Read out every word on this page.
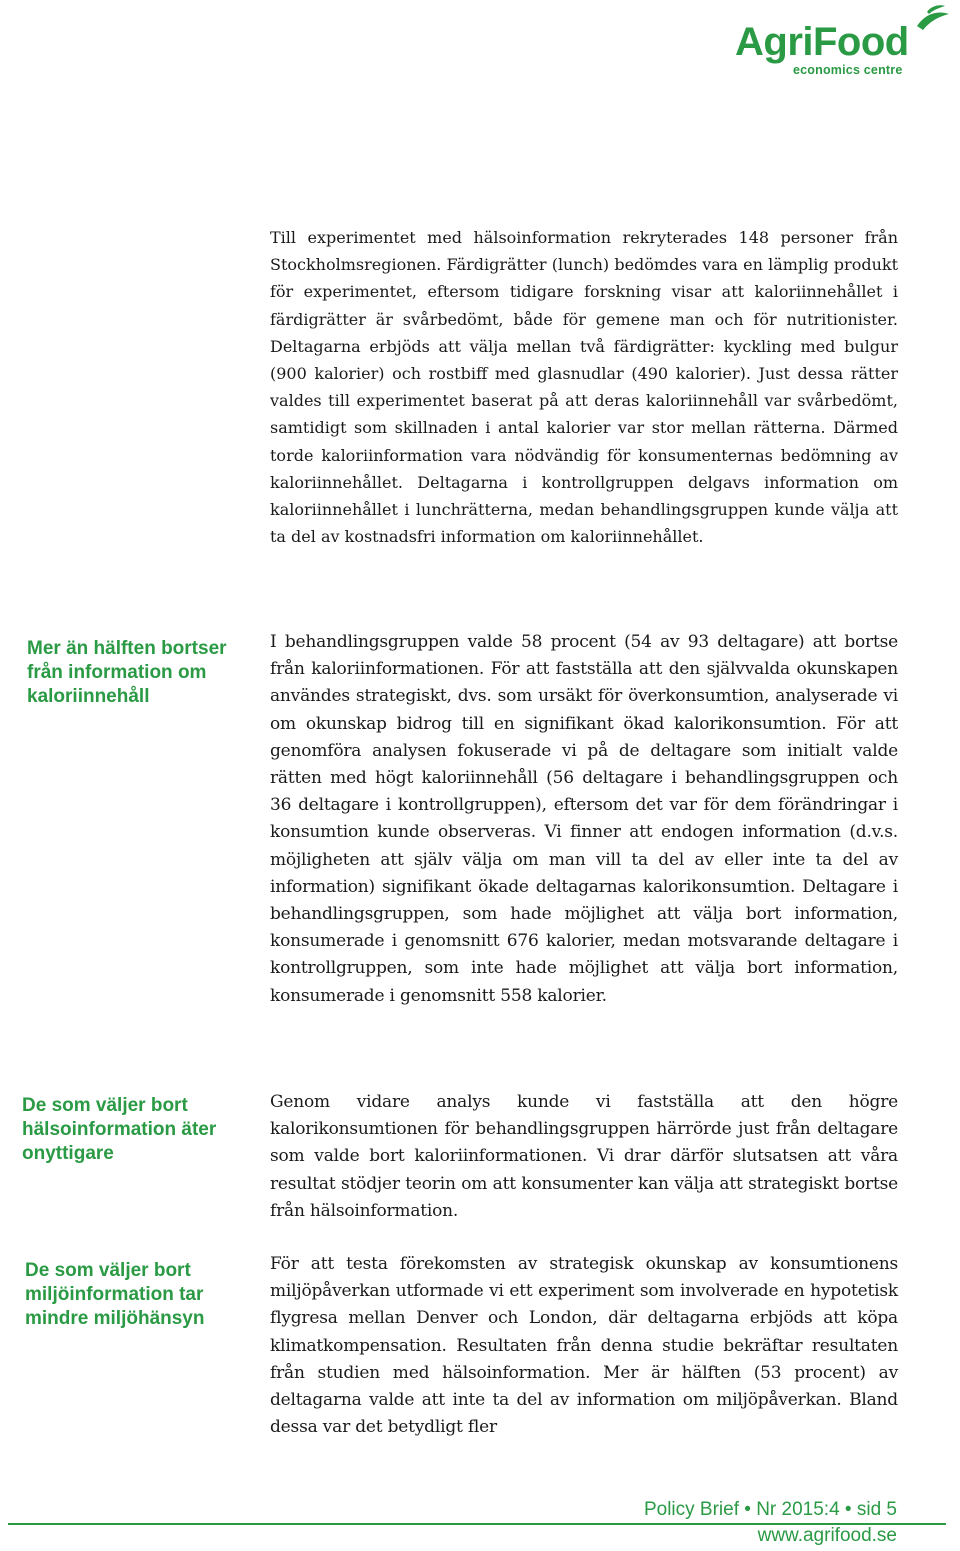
AgriFood
economics centre

Till experimentet med hälsoinformation rekryterades 148 personer från Stockholmsregionen. Färdigrätter (lunch) bedömdes vara en lämplig produkt för experimentet, eftersom tidigare forskning visar att kaloriinnehållet i färdigrätter är svårbedömt, både för gemene man och för nutritionister. Deltagarna erbjöds att välja mellan två färdigrätter: kyckling med bulgur (900 kalorier) och rostbiff med glasnudlar (490 kalorier). Just dessa rätter valdes till experimentet baserat på att deras kaloriinnehåll var svårbedömt, samtidigt som skillnaden i antal kalorier var stor mellan rätterna. Därmed torde kaloriinformation vara nödvändig för konsumenternas bedömning av kaloriinnehållet. Deltagarna i kontrollgruppen delgavs information om kaloriinnehållet i lunchrätterna, medan behandlingsgruppen kunde välja att ta del av kostnadsfri information om kaloriinnehållet.

I behandlingsgruppen valde 58 procent (54 av 93 deltagare) att bortse från kaloriinformationen. För att fastställa att den självvalda okunskapen användes strategiskt, dvs. som ursäkt för överkonsumtion, analyserade vi om okunskap bidrog till en signifikant ökad kalorikonsumtion. För att genomföra analysen fokuserade vi på de deltagare som initialt valde rätten med högt kaloriinnehåll (56 deltagare i behandlingsgruppen och 36 deltagare i kontrollgruppen), eftersom det var för dem förändringar i konsumtion kunde observeras. Vi finner att endogen information (d.v.s. möjligheten att själv välja om man vill ta del av eller inte ta del av information) signifikant ökade deltagarnas kalorikonsumtion. Deltagare i behandlingsgruppen, som hade möjlighet att välja bort information, konsumerade i genomsnitt 676 kalorier, medan motsvarande deltagare i kontrollgruppen, som inte hade möjlighet att välja bort information, konsumerade i genomsnitt 558 kalorier.

Genom vidare analys kunde vi fastställa att den högre kalorikonsumtionen för behandlingsgruppen härrörde just från deltagare som valde bort kaloriinformationen. Vi drar därför slutsatsen att våra resultat stödjer teorin om att konsumenter kan välja att strategiskt bortse från hälsoinformation.

För att testa förekomsten av strategisk okunskap av konsumtionens miljöpåverkan utformade vi ett experiment som involverade en hypotetisk flygresa mellan Denver och London, där deltagarna erbjöds att köpa klimatkompensation. Resultaten från denna studie bekräftar resultaten från studien med hälsoinformation. Mer är hälften (53 procent) av deltagarna valde att inte ta del av information om miljöpåverkan. Bland dessa var det betydligt fler

Mer än hälften bortser från information om kaloriinnehåll
De som väljer bort hälsoinformation äter onyttigare
De som väljer bort miljöinformation tar mindre miljöhänsyn
Policy Brief • Nr 2015:4 • sid 5
www.agrifood.se
